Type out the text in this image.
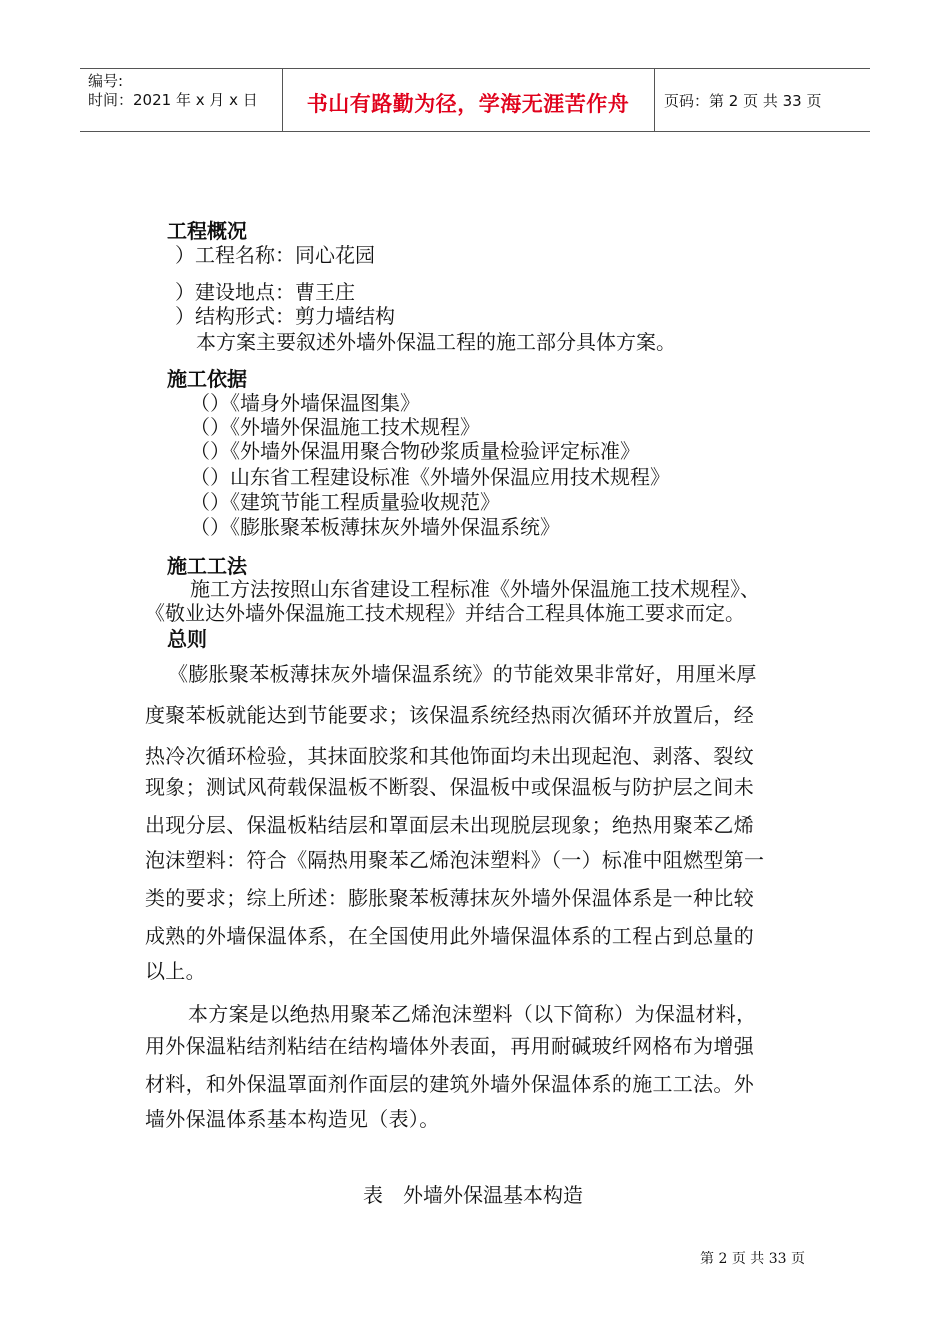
编号:
时间：2021 年 x 月 x 日	书山有路勤为径，学海无涯苦作舟	页码：第 2 页 共 33 页
工程概况
）工程名称：同心花园
）建设地点：曹王庄
）结构形式：剪力墙结构
本方案主要叙述外墙外保温工程的施工部分具体方案。
施工依据
（）《墙身外墙保温图集》
（）《外墙外保温施工技术规程》
（）《外墙外保温用聚合物砂浆质量检验评定标准》
（）山东省工程建设标准《外墙外保温应用技术规程》
（）《建筑节能工程质量验收规范》
（）《膨胀聚苯板薄抹灰外墙外保温系统》
施工工法
施工方法按照山东省建设工程标准《外墙外保温施工技术规程》、
《敬业达外墙外保温施工技术规程》并结合工程具体施工要求而定。
总则
《膨胀聚苯板薄抹灰外墙保温系统》的节能效果非常好，用厘米厚
度聚苯板就能达到节能要求；该保温系统经热雨次循环并放置后，经
热冷次循环检验，其抹面胶浆和其他饰面均未出现起泡、剥落、裂纹
现象；测试风荷载保温板不断裂、保温板中或保温板与防护层之间未
出现分层、保温板粘结层和罩面层未出现脱层现象；绝热用聚苯乙烯
泡沫塑料：符合《隔热用聚苯乙烯泡沫塑料》（一）标准中阻燃型第一
类的要求；综上所述：膨胀聚苯板薄抹灰外墙外保温体系是一种比较
成熟的外墙保温体系，在全国使用此外墙保温体系的工程占到总量的
以上。
本方案是以绝热用聚苯乙烯泡沫塑料（以下简称）为保温材料，
用外保温粘结剂粘结在结构墙体外表面，再用耐碱玻纤网格布为增强
材料，和外保温罩面剂作面层的建筑外墙外保温体系的施工工法。外
墙外保温体系基本构造见（表）。
表　外墙外保温基本构造
第 2 页 共 33 页
